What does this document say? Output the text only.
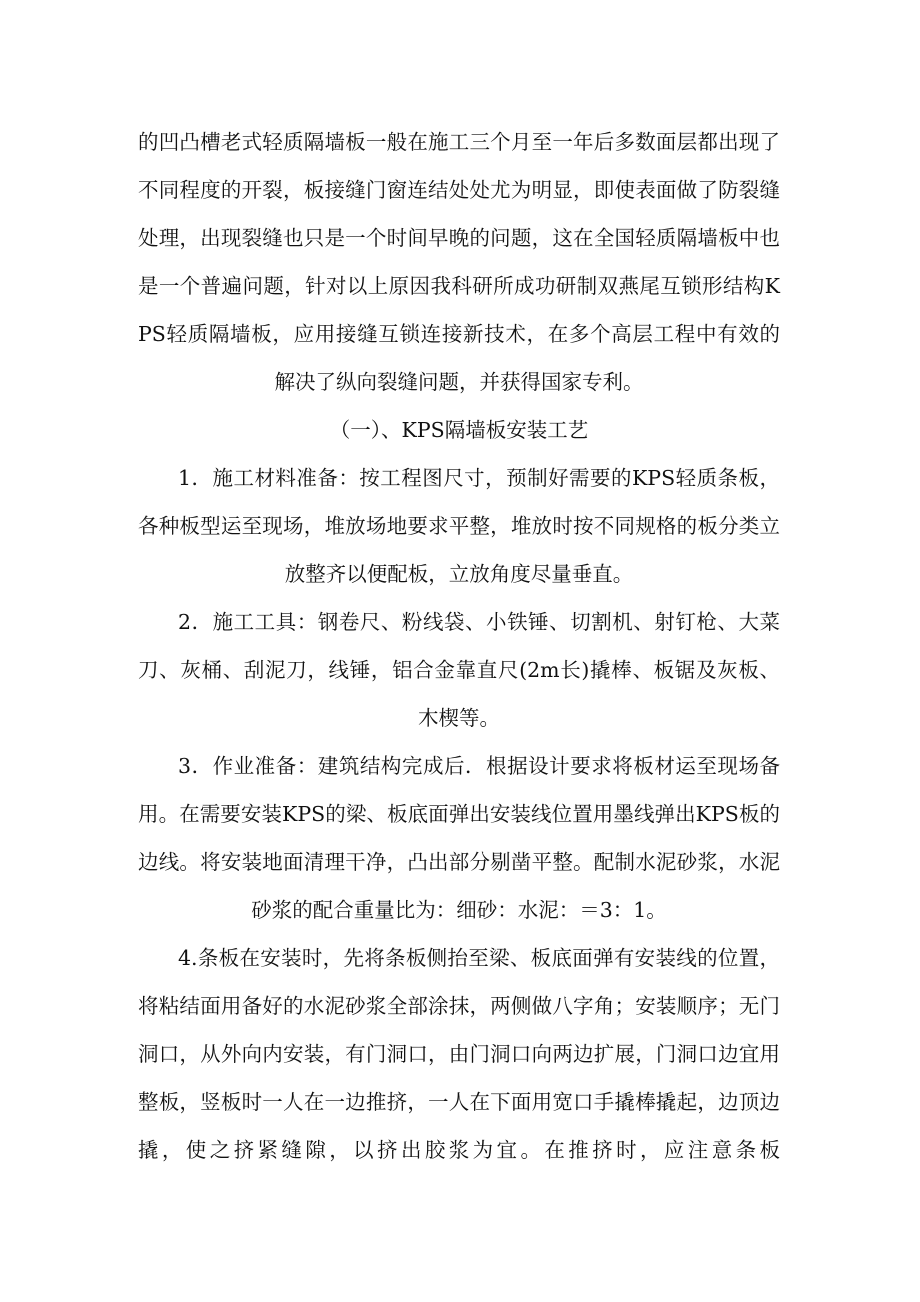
的凹凸槽老式轻质隔墙板一般在施工三个月至一年后多数面层都出现了不同程度的开裂，板接缝门窗连结处处尤为明显，即使表面做了防裂缝处理，出现裂缝也只是一个时间早晚的问题，这在全国轻质隔墙板中也是一个普遍问题，针对以上原因我科研所成功研制双燕尾互锁形结构KPS轻质隔墙板，应用接缝互锁连接新技术，在多个高层工程中有效的解决了纵向裂缝问题，并获得国家专利。

（一）、KPS隔墙板安装工艺

1．施工材料准备：按工程图尺寸，预制好需要的KPS轻质条板，各种板型运至现场，堆放场地要求平整，堆放时按不同规格的板分类立放整齐以便配板，立放角度尽量垂直。

2．施工工具：钢卷尺、粉线袋、小铁锤、切割机、射钉枪、大菜刀、灰桶、刮泥刀，线锤，铝合金靠直尺(2m长)撬棒、板锯及灰板、木楔等。

3．作业准备：建筑结构完成后．根据设计要求将板材运至现场备用。在需要安装KPS的梁、板底面弹出安装线位置用墨线弹出KPS板的边线。将安装地面清理干净，凸出部分剔凿平整。配制水泥砂浆，水泥砂浆的配合重量比为：细砂：水泥：＝3：1。

4.条板在安装时，先将条板侧抬至梁、板底面弹有安装线的位置，将粘结面用备好的水泥砂浆全部涂抹，两侧做八字角；安装顺序；无门洞口，从外向内安装，有门洞口，由门洞口向两边扩展，门洞口边宜用整板，竖板时一人在一边推挤，一人在下面用宽口手撬棒撬起，边顶边撬，使之挤紧缝隙，以挤出胶浆为宜。在推挤时，应注意条板
